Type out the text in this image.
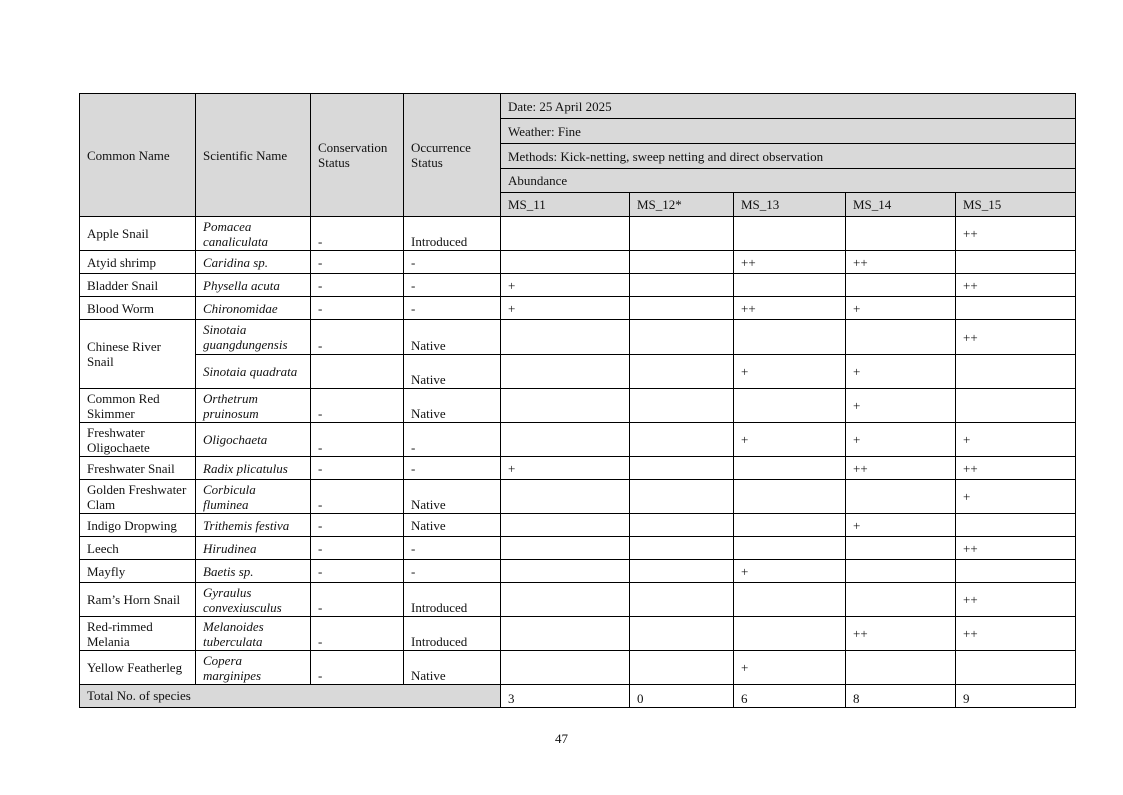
Common Name	Scientific Name	Conservation Status	Occurrence Status	Date: 25 April 2025				
				Weather: Fine				
				Methods: Kick-netting, sweep netting and direct observation				
				Abundance				
				MS_11	MS_12*	MS_13	MS_14	MS_15
Apple Snail	Pomacea canaliculata	-	Introduced					++
Atyid shrimp	Caridina sp.	-	-			++	++	
Bladder Snail	Physella acuta	-	-	+				++
Blood Worm	Chironomidae	-	-	+		++	+	
Chinese River Snail	Sinotaia guangdungensis	-	Native					++
	Sinotaia quadrata		Native			+	+	
Common Red Skimmer	Orthetrum pruinosum	-	Native				+	
Freshwater Oligochaete	Oligochaeta	-	-			+	+	+
Freshwater Snail	Radix plicatulus	-	-	+			++	++
Golden Freshwater Clam	Corbicula fluminea	-	Native					+
Indigo Dropwing	Trithemis festiva	-	Native				+	
Leech	Hirudinea	-	-					++
Mayfly	Baetis sp.	-	-			+		
Ram’s Horn Snail	Gyraulus convexiusculus	-	Introduced					++
Red-rimmed Melania	Melanoides tuberculata	-	Introduced				++	++
Yellow Featherleg	Copera marginipes	-	Native			+		
Total No. of species				3	0	6	8	9
47
